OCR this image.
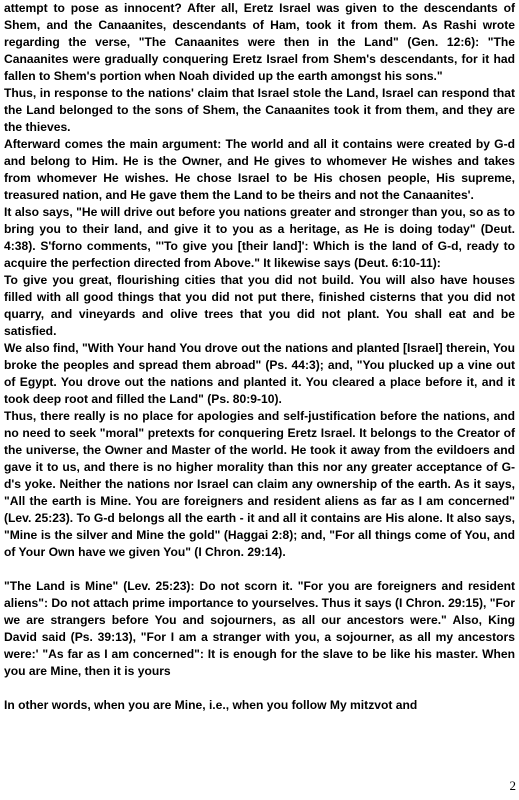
attempt to pose as innocent? After all, Eretz Israel was given to the descendants of Shem, and the Canaanites, descendants of Ham, took it from them. As Rashi wrote regarding the verse, "The Canaanites were then in the Land" (Gen. 12:6): "The Canaanites were gradually conquering Eretz Israel from Shem's descendants, for it had fallen to Shem's portion when Noah divided up the earth amongst his sons."

Thus, in response to the nations' claim that Israel stole the Land, Israel can respond that the Land belonged to the sons of Shem, the Canaanites took it from them, and they are the thieves.

Afterward comes the main argument: The world and all it contains were created by G-d and belong to Him. He is the Owner, and He gives to whomever He wishes and takes from whomever He wishes. He chose Israel to be His chosen people, His supreme, treasured nation, and He gave them the Land to be theirs and not the Canaanites'.

It also says, "He will drive out before you nations greater and stronger than you, so as to bring you to their land, and give it to you as a heritage, as He is doing today" (Deut. 4:38). S'forno comments, "'To give you [their land]': Which is the land of G-d, ready to acquire the perfection directed from Above." It likewise says (Deut. 6:10-11):

To give you great, flourishing cities that you did not build. You will also have houses filled with all good things that you did not put there, finished cisterns that you did not quarry, and vineyards and olive trees that you did not plant. You shall eat and be satisfied.

We also find, "With Your hand You drove out the nations and planted [Israel] therein, You broke the peoples and spread them abroad" (Ps. 44:3); and, "You plucked up a vine out of Egypt. You drove out the nations and planted it. You cleared a place before it, and it took deep root and filled the Land" (Ps. 80:9-10).

Thus, there really is no place for apologies and self-justification before the nations, and no need to seek "moral" pretexts for conquering Eretz Israel. It belongs to the Creator of the universe, the Owner and Master of the world. He took it away from the evildoers and gave it to us, and there is no higher morality than this nor any greater acceptance of G-d's yoke. Neither the nations nor Israel can claim any ownership of the earth. As it says, "All the earth is Mine. You are foreigners and resident aliens as far as I am concerned" (Lev. 25:23). To G-d belongs all the earth - it and all it contains are His alone. It also says, "Mine is the silver and Mine the gold" (Haggai 2:8); and, "For all things come of You, and of Your Own have we given You" (I Chron. 29:14).

"The Land is Mine" (Lev. 25:23): Do not scorn it. "For you are foreigners and resident aliens": Do not attach prime importance to yourselves. Thus it says (I Chron. 29:15), "For we are strangers before You and sojourners, as all our ancestors were." Also, King David said (Ps. 39:13), "For I am a stranger with you, a sojourner, as all my ancestors were:' "As far as I am concerned": It is enough for the slave to be like his master. When you are Mine, then it is yours

In other words, when you are Mine, i.e., when you follow My mitzvot and

2
